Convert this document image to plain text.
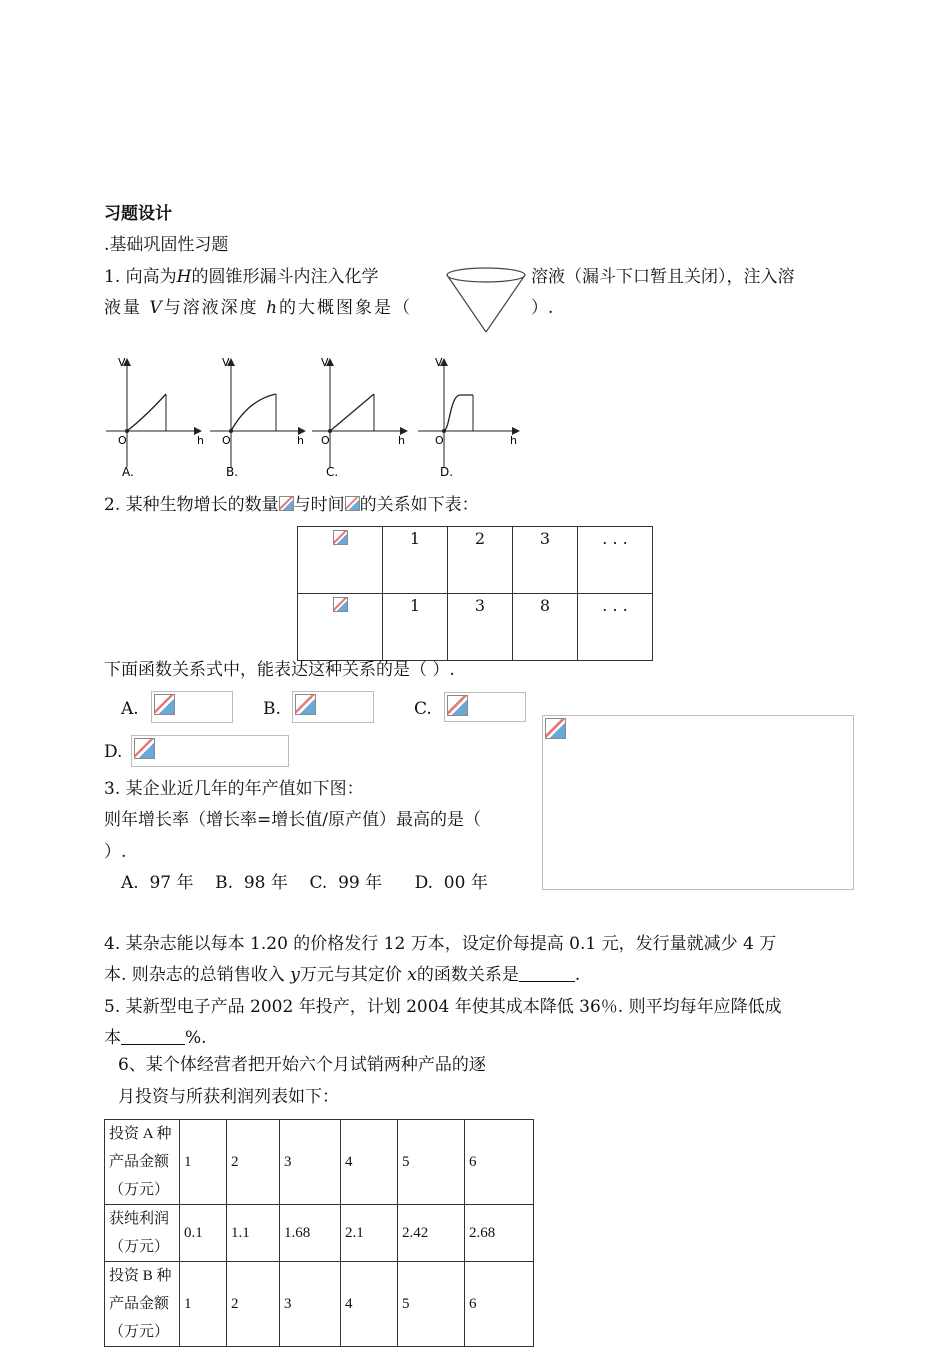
习题设计
.基础巩固性习题
1. 向高为H的圆锥形漏斗内注入化学	溶液（漏斗下口暂且关闭），注入溶
液量 V与溶液深度 h的大概图象是（	）.
V
h
O
A.
V
h
O
B.
V
h
O
C.
V
h
O
D.
2. 某种生物增长的数量 与时间 的关系如下表：
	1	2	3	. . .
	1	3	8	. . .
下面函数关系式中，能表达这种关系的是（ ）.
A.	B.	C.
D.
3. 某企业近几年的年产值如下图：
则年增长率（增长率=增长值/原产值）最高的是（
）.
A.  97 年    B.  98 年    C.  99 年      D.  00 年
4. 某杂志能以每本 1.20 的价格发行 12 万本，设定价每提高 0.1 元，发行量就减少 4 万
本. 则杂志的总销售收入 y万元与其定价 x的函数关系是	.
5. 某新型电子产品 2002 年投产，计划 2004 年使其成本降低 36％. 则平均每年应降低成
本	%.
6、某个体经营者把开始六个月试销两种产品的逐
月投资与所获利润列表如下：
投资 A 种
产品金额
（万元）	1	2	3	4	5	6

获纯利润
（万元）	0.1	1.1	1.68	2.1	2.42	2.68

投资 B 种
产品金额
（万元）	1	2	3	4	5	6
